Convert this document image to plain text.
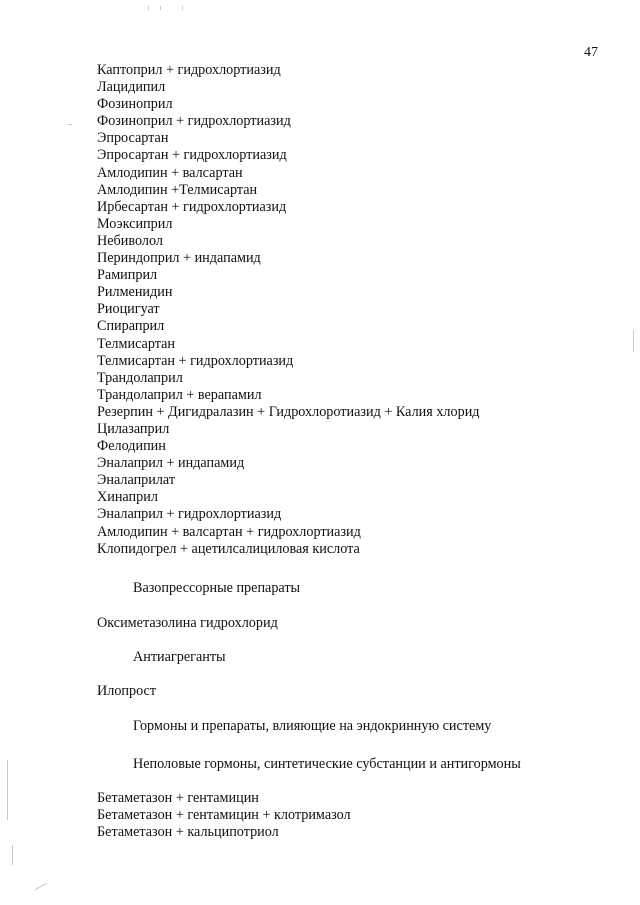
47
Каптоприл + гидрохлортиазид
Лацидипил
Фозиноприл
Фозиноприл + гидрохлортиазид
Эпросартан
Эпросартан + гидрохлортиазид
Амлодипин + валсартан
Амлодипин +Телмисартан
Ирбесартан + гидрохлортиазид
Моэксиприл
Небиволол
Периндоприл + индапамид
Рамиприл
Рилменидин
Риоцигуат
Спираприл
Телмисартан
Телмисартан + гидрохлортиазид
Трандолаприл
Трандолаприл + верапамил
Резерпин + Дигидралазин + Гидрохлоротиазид + Калия хлорид
Цилазаприл
Фелодипин
Эналаприл + индапамид
Эналаприлат
Хинаприл
Эналаприл + гидрохлортиазид
Амлодипин + валсартан + гидрохлортиазид
Клопидогрел + ацетилсалициловая кислота
Вазопрессорные препараты
Оксиметазолина гидрохлорид
Антиагреганты
Илопрост
Гормоны и препараты, влияющие на эндокринную систему
Неполовые гормоны, синтетические субстанции и антигормоны
Бетаметазон + гентамицин
Бетаметазон + гентамицин + клотримазол
Бетаметазон + кальципотриол
